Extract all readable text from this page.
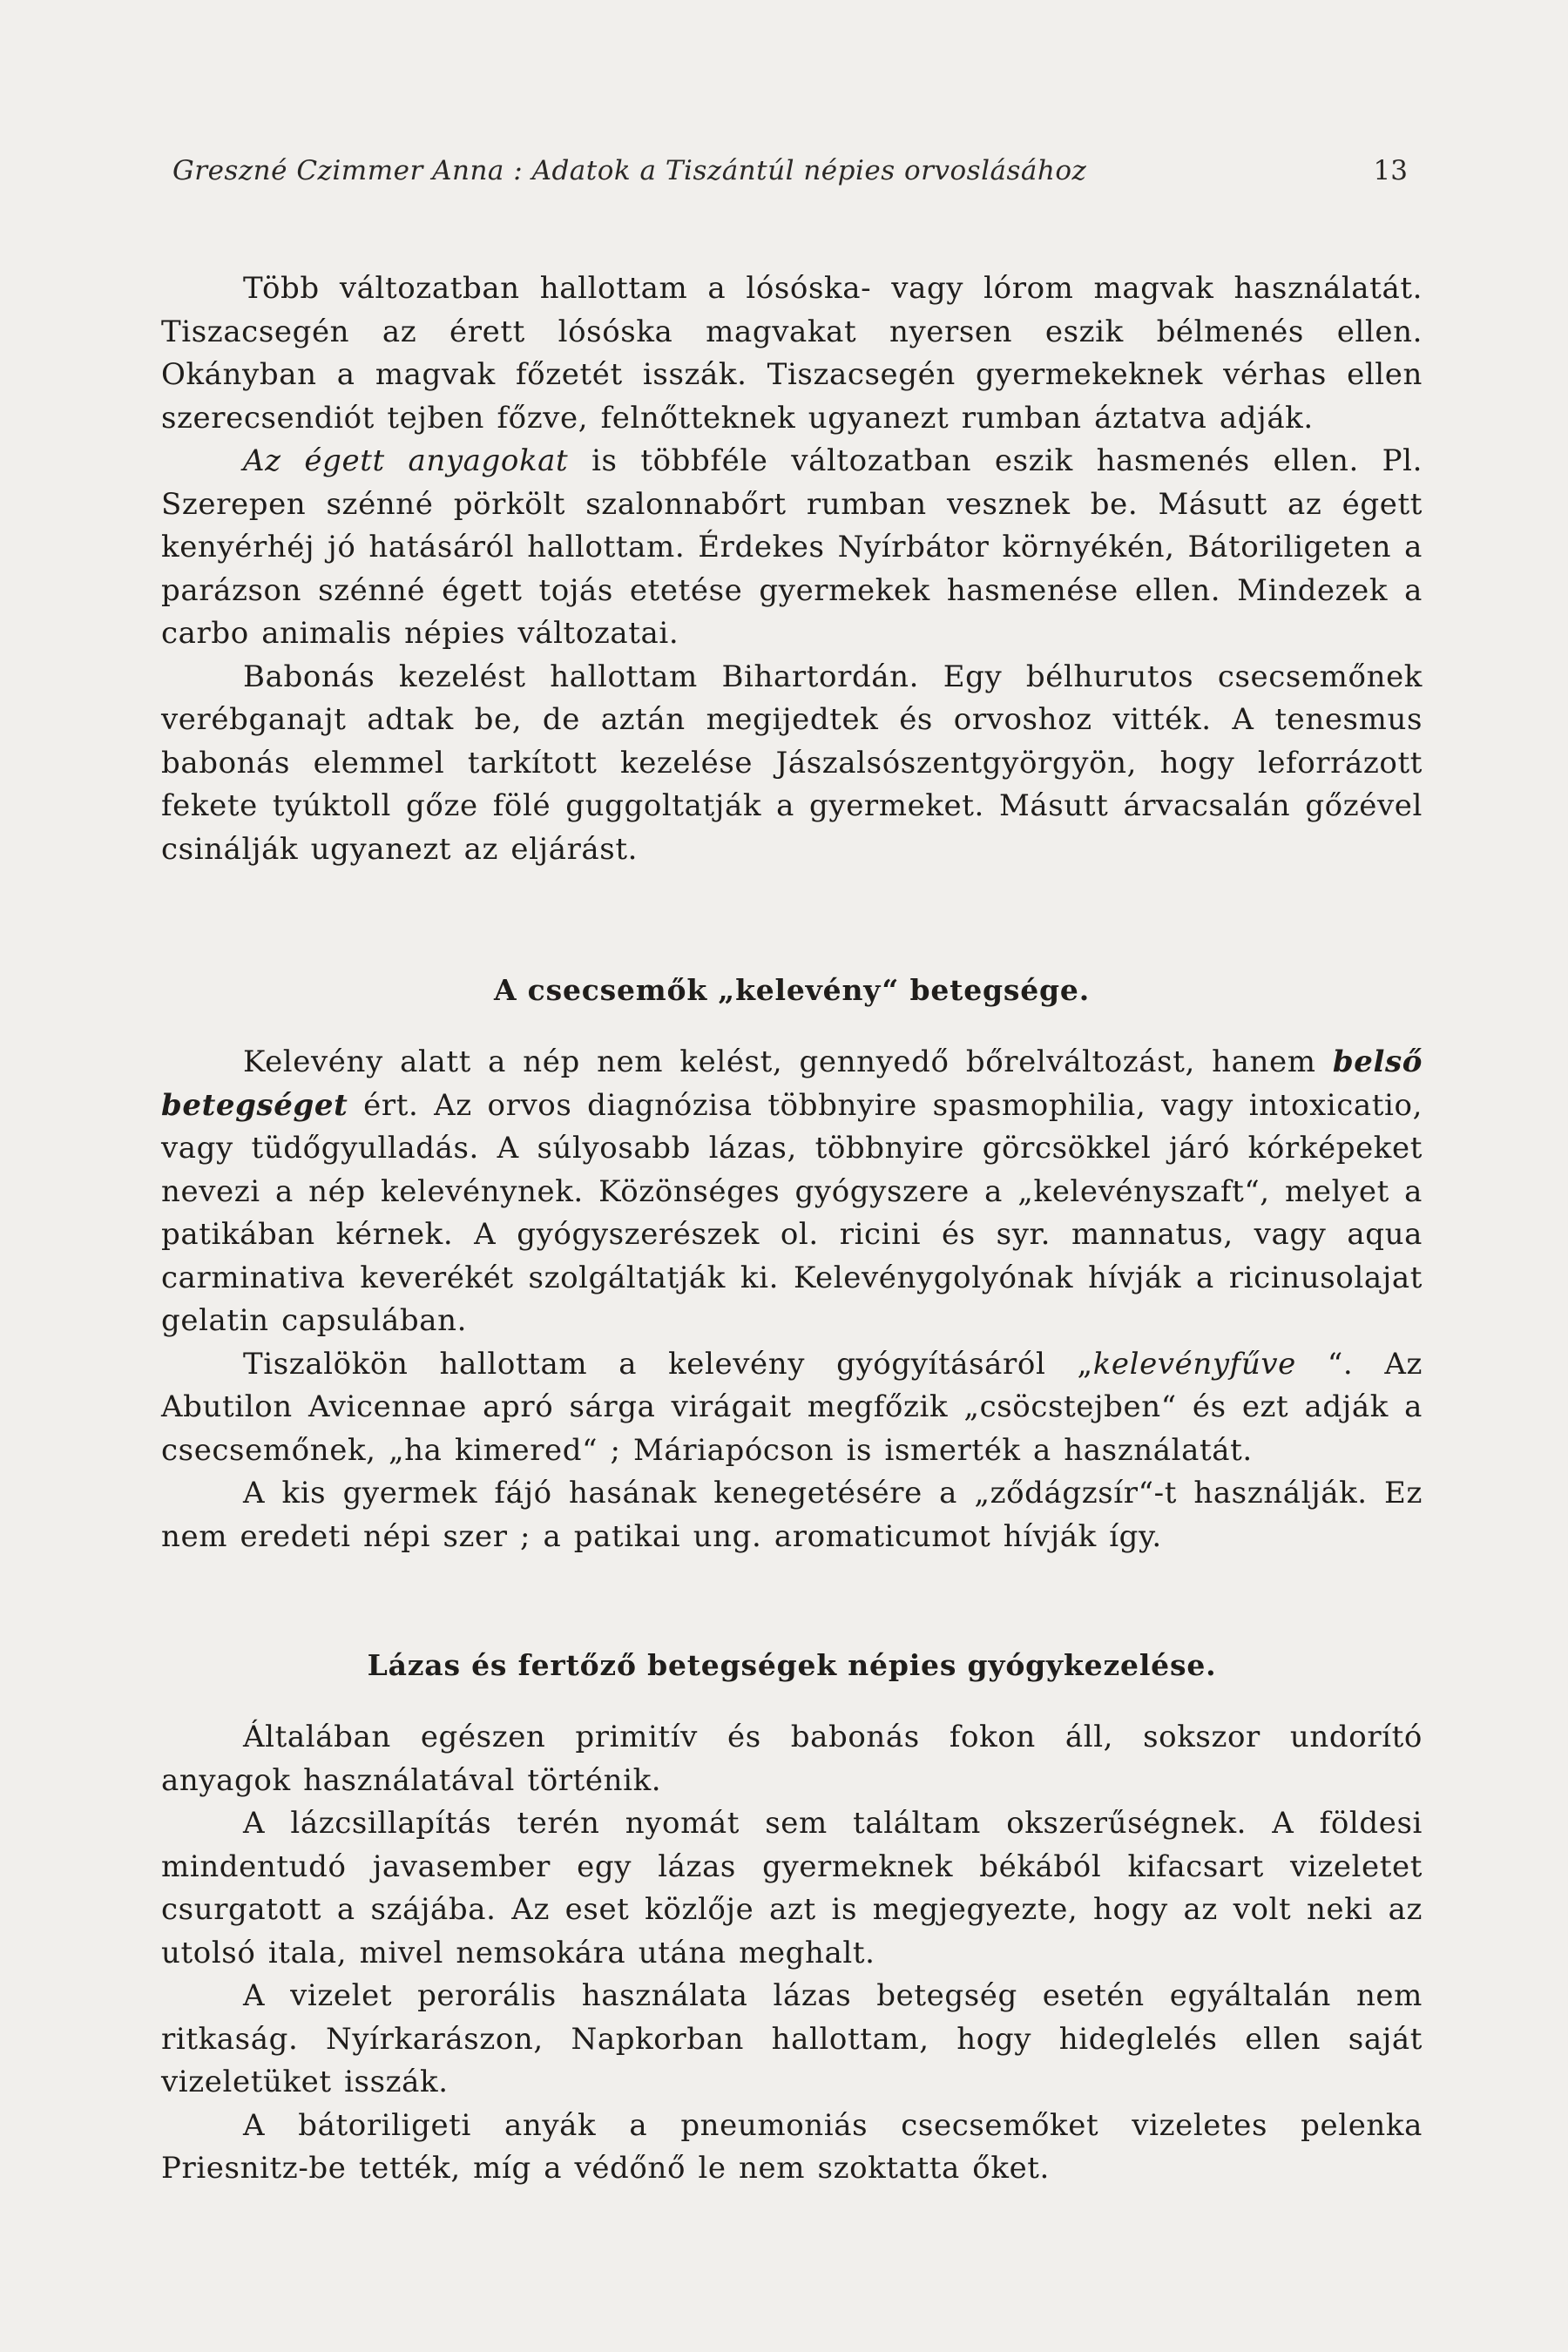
Greszné Czimmer Anna : Adatok a Tiszántúl népies orvoslásához	13

Több változatban hallottam a lósóska- vagy lórom magvak használatát. Tiszacsegén az érett lósóska magvakat nyersen eszik bélmenés ellen. Okányban a magvak főzetét isszák. Tiszacsegén gyermekeknek vérhas ellen szerecsendiót tejben főzve, felnőtteknek ugyanezt rumban áztatva adják.

Az égett anyagokat is többféle változatban eszik hasmenés ellen. Pl. Szerepen szénné pörkölt szalonnabőrt rumban vesznek be. Másutt az égett kenyérhéj jó hatásáról hallottam. Érdekes Nyírbátor környékén, Bátoriligeten a parázson szénné égett tojás etetése gyermekek hasmenése ellen. Mindezek a carbo animalis népies változatai.

Babonás kezelést hallottam Bihartordán. Egy bélhurutos csecsemőnek verébganajt adtak be, de aztán megijedtek és orvoshoz vitték. A tenesmus babonás elemmel tarkított kezelése Jászalsószentgyörgyön, hogy leforrázott fekete tyúktoll gőze fölé guggoltatják a gyermeket. Másutt árvacsalán gőzével csinálják ugyanezt az eljárást.

A csecsemők „kelevény“ betegsége.

Kelevény alatt a nép nem kelést, gennyedő bőrelváltozást, hanem belső betegséget ért. Az orvos diagnózisa többnyire spasmophilia, vagy intoxicatio, vagy tüdőgyulladás. A súlyosabb lázas, többnyire görcsökkel járó kórképeket nevezi a nép kelevénynek. Közönséges gyógyszere a „kelevényszaft“, melyet a patikában kérnek. A gyógyszerészek ol. ricini és syr. mannatus, vagy aqua carminativa keverékét szolgáltatják ki. Kelevénygolyónak hívják a ricinusolajat gelatin capsulában.

Tiszalökön hallottam a kelevény gyógyításáról „kelevényfűve “. Az Abutilon Avicennae apró sárga virágait megfőzik „csöcstejben“ és ezt adják a csecsemőnek, „ha kimered“ ; Máriapócson is ismerték a használatát.

A kis gyermek fájó hasának kenegetésére a „ződágzsír“-t használják. Ez nem eredeti népi szer ; a patikai ung. aromaticumot hívják így.

Lázas és fertőző betegségek népies gyógykezelése.

Általában egészen primitív és babonás fokon áll, sokszor undorító anyagok használatával történik.

A lázcsillapítás terén nyomát sem találtam okszerűségnek. A földesi mindentudó javasember egy lázas gyermeknek békából kifacsart vizeletet csurgatott a szájába. Az eset közlője azt is megjegyezte, hogy az volt neki az utolsó itala, mivel nemsokára utána meghalt.

A vizelet perorális használata lázas betegség esetén egyáltalán nem ritkaság. Nyírkarászon, Napkorban hallottam, hogy hideglelés ellen saját vizeletüket isszák.

A bátoriligeti anyák a pneumoniás csecsemőket vizeletes pelenka Priesnitz-be tették, míg a védőnő le nem szoktatta őket.
